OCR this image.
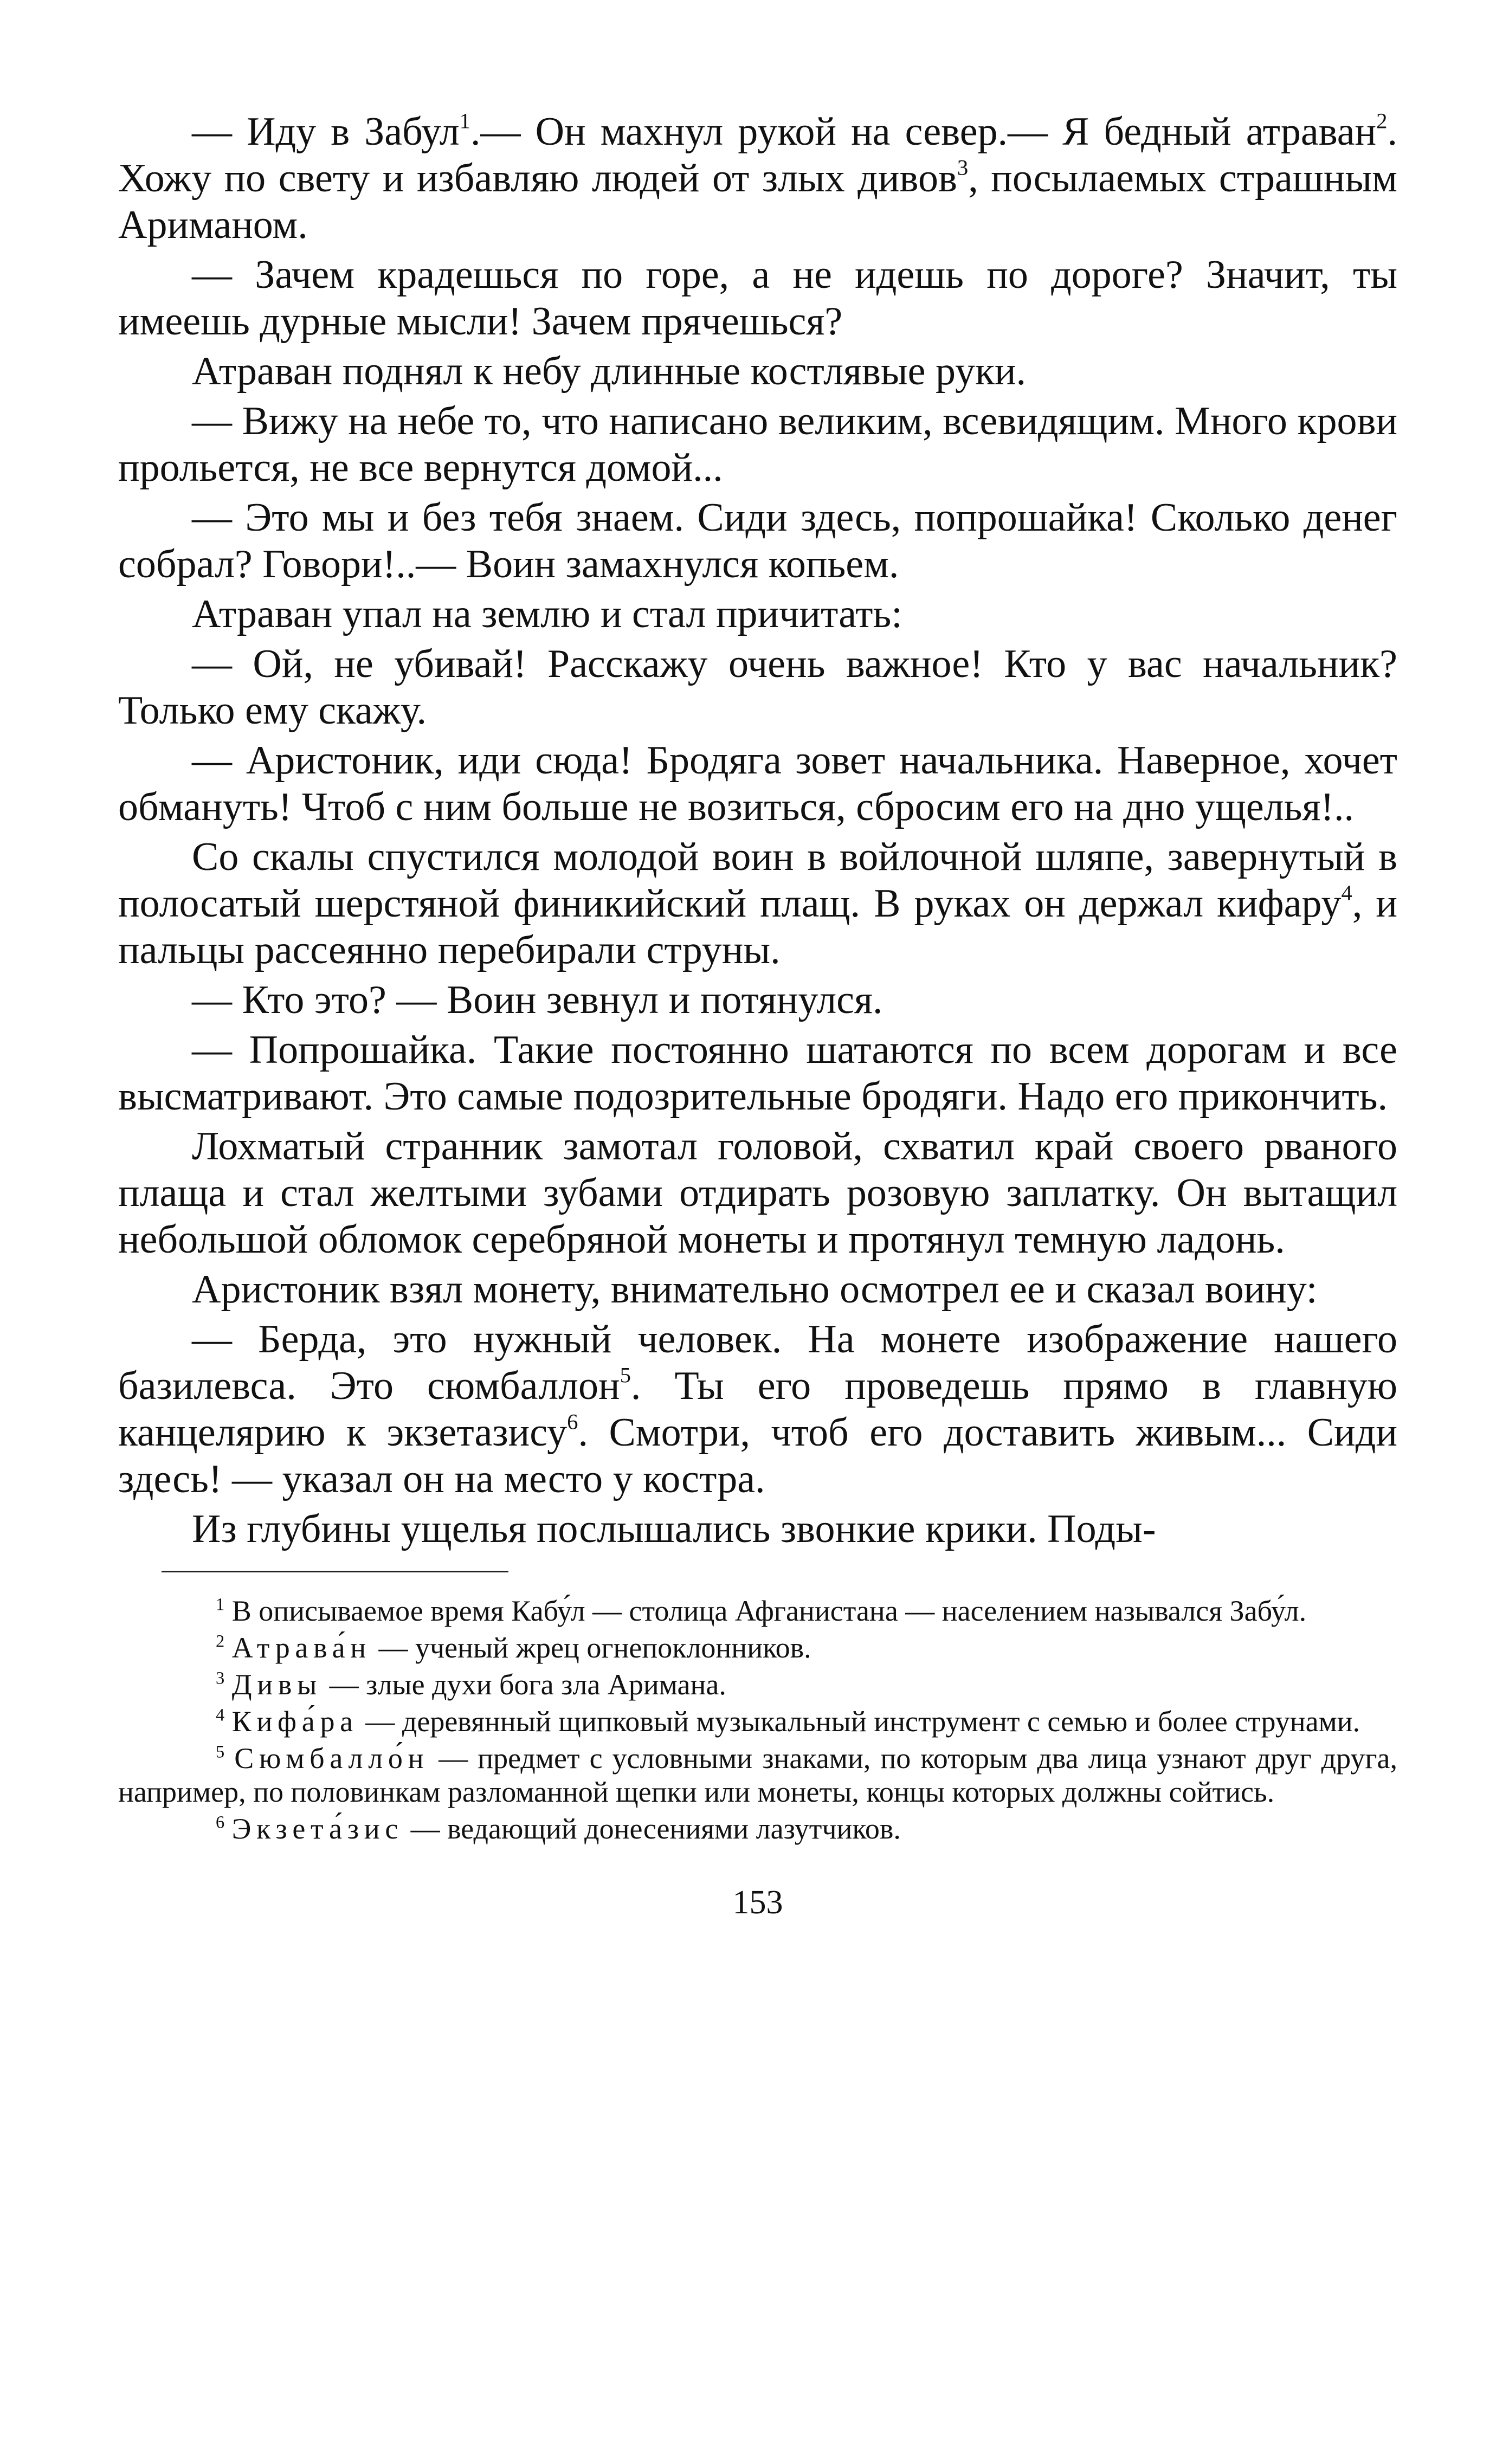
— Иду в Забул$^1$.— Он махнул рукой на север.— Я бедный атраван$^2$. Хожу по свету и избавляю людей от злых дивов$^3$, посылаемых страшным Ариманом.

— Зачем крадешься по горе, а не идешь по дороге? Значит, ты имеешь дурные мысли! Зачем прячешься?

Атраван поднял к небу длинные костлявые руки.

— Вижу на небе то, что написано великим, всевидящим. Много крови прольется, не все вернутся домой...

— Это мы и без тебя знаем. Сиди здесь, попрошайка! Сколько денег собрал? Говори!..— Воин замахнулся копьем.

Атраван упал на землю и стал причитать:

— Ой, не убивай! Расскажу очень важное! Кто у вас начальник? Только ему скажу.

— Аристоник, иди сюда! Бродяга зовет начальника. Наверное, хочет обмануть! Чтоб с ним больше не возиться, сбросим его на дно ущелья!..

Со скалы спустился молодой воин в войлочной шляпе, завернутый в полосатый шерстяной финикийский плащ. В руках он держал кифару$^4$, и пальцы рассеянно перебирали струны.

— Кто это? — Воин зевнул и потянулся.

— Попрошайка. Такие постоянно шатаются по всем дорогам и все высматривают. Это самые подозрительные бродяги. Надо его прикончить.

Лохматый странник замотал головой, схватил край своего рваного плаща и стал желтыми зубами отдирать розовую заплатку. Он вытащил небольшой обломок серебряной монеты и протянул темную ладонь.

Аристоник взял монету, внимательно осмотрел ее и сказал воину:

— Берда, это нужный человек. На монете изображение нашего базилевса. Это сюмбаллон$^5$. Ты его проведешь прямо в главную канцелярию к экзетазису$^6$. Смотри, чтоб его доставить живым... Сиди здесь! — указал он на место у костра.

Из глубины ущелья послышались звонкие крики. Поды-

$^1$ В описываемое время Кабу́л — столица Афганистана — населением назывался Забу́л.

$^2$ Атрава́н — ученый жрец огнепоклонников.

$^3$ Дивы — злые духи бога зла Аримана.

$^4$ Кифа́ра — деревянный щипковый музыкальный инструмент с семью и более струнами.

$^5$ Сюмбалло́н — предмет с условными знаками, по которым два лица узнают друг друга, например, по половинкам разломанной щепки или монеты, концы которых должны сойтись.

$^6$ Экзета́зис — ведающий донесениями лазутчиков.

153
